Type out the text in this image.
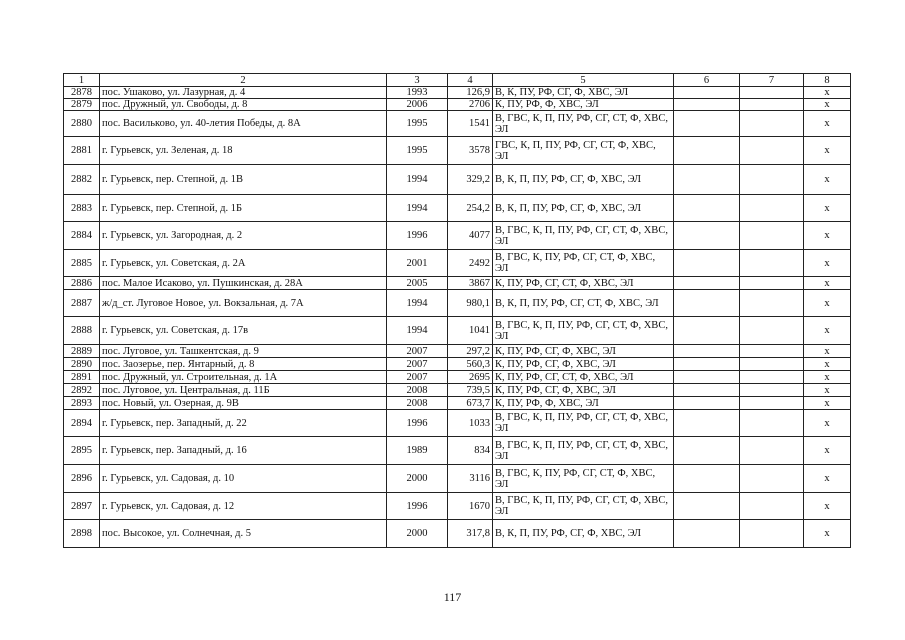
1	2	3	4	5	6	7	8
2878	пос. Ушаково, ул. Лазурная, д. 4	1993	126,9	В, К, ПУ, РФ, СГ, Ф, ХВС, ЭЛ			x
2879	пос. Дружный, ул. Свободы, д. 8	2006	2706	К, ПУ, РФ, Ф, ХВС, ЭЛ			x
2880	пос. Васильково, ул. 40-летия Победы, д. 8А	1995	1541	В, ГВС, К, П, ПУ, РФ, СГ, СТ, Ф, ХВС, ЭЛ			x
2881	г. Гурьевск, ул. Зеленая, д. 18	1995	3578	ГВС, К, П, ПУ, РФ, СГ, СТ, Ф, ХВС, ЭЛ			x
2882	г. Гурьевск, пер. Степной, д. 1В	1994	329,2	В, К, П, ПУ, РФ, СГ, Ф, ХВС, ЭЛ			x
2883	г. Гурьевск, пер. Степной, д. 1Б	1994	254,2	В, К, П, ПУ, РФ, СГ, Ф, ХВС, ЭЛ			x
2884	г. Гурьевск, ул. Загородная, д. 2	1996	4077	В, ГВС, К, П, ПУ, РФ, СГ, СТ, Ф, ХВС, ЭЛ			x
2885	г. Гурьевск, ул. Советская, д. 2А	2001	2492	В, ГВС, К, ПУ, РФ, СГ, СТ, Ф, ХВС, ЭЛ			x
2886	пос. Малое Исаково, ул. Пушкинская, д. 28А	2005	3867	К, ПУ, РФ, СГ, СТ, Ф, ХВС, ЭЛ			x
2887	ж/д_ст. Луговое Новое, ул. Вокзальная, д. 7А	1994	980,1	В, К, П, ПУ, РФ, СГ, СТ, Ф, ХВС, ЭЛ			x
2888	г. Гурьевск, ул. Советская, д. 17в	1994	1041	В, ГВС, К, П, ПУ, РФ, СГ, СТ, Ф, ХВС, ЭЛ			x
2889	пос. Луговое, ул. Ташкентская, д. 9	2007	297,2	К, ПУ, РФ, СГ, Ф, ХВС, ЭЛ			x
2890	пос. Заозерье, пер. Янтарный, д. 8	2007	560,3	К, ПУ, РФ, СГ, Ф, ХВС, ЭЛ			x
2891	пос. Дружный, ул. Строительная, д. 1А	2007	2695	К, ПУ, РФ, СГ, СТ, Ф, ХВС, ЭЛ			x
2892	пос. Луговое, ул. Центральная, д. 11Б	2008	739,5	К, ПУ, РФ, СГ, Ф, ХВС, ЭЛ			x
2893	пос. Новый, ул. Озерная, д. 9В	2008	673,7	К, ПУ, РФ, Ф, ХВС, ЭЛ			x
2894	г. Гурьевск, пер. Западный, д. 22	1996	1033	В, ГВС, К, П, ПУ, РФ, СГ, СТ, Ф, ХВС, ЭЛ			x
2895	г. Гурьевск, пер. Западный, д. 16	1989	834	В, ГВС, К, П, ПУ, РФ, СГ, СТ, Ф, ХВС, ЭЛ			x
2896	г. Гурьевск, ул. Садовая, д. 10	2000	3116	В, ГВС, К, ПУ, РФ, СГ, СТ, Ф, ХВС, ЭЛ			x
2897	г. Гурьевск, ул. Садовая, д. 12	1996	1670	В, ГВС, К, П, ПУ, РФ, СГ, СТ, Ф, ХВС, ЭЛ			x
2898	пос. Высокое, ул. Солнечная, д. 5	2000	317,8	В, К, П, ПУ, РФ, СГ, Ф, ХВС, ЭЛ			x
117
